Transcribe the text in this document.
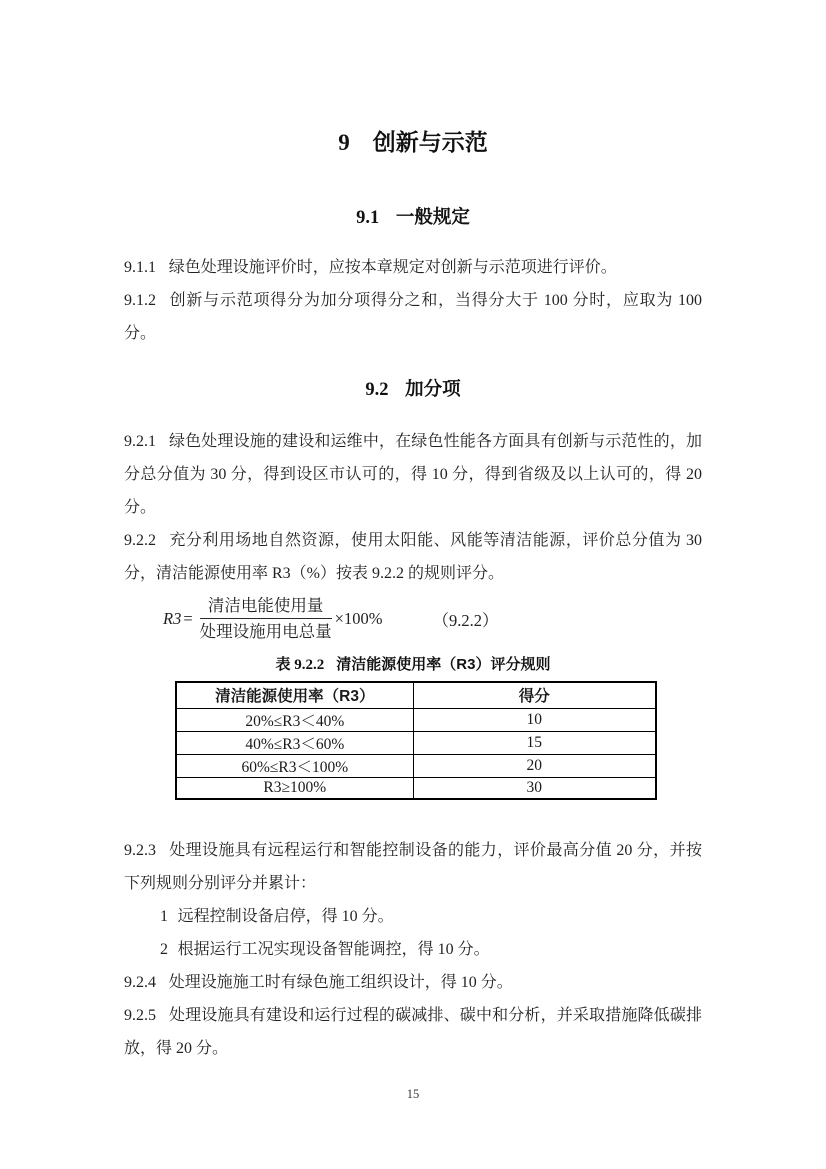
9 创新与示范
9.1 一般规定

9.1.1 绿色处理设施评价时，应按本章规定对创新与示范项进行评价。

9.1.2 创新与示范项得分为加分项得分之和，当得分大于 100 分时，应取为 100 分。

9.2 加分项

9.2.1 绿色处理设施的建设和运维中，在绿色性能各方面具有创新与示范性的，加分总分值为 30 分，得到设区市认可的，得 10 分，得到省级及以上认可的，得 20 分。

9.2.2 充分利用场地自然资源，使用太阳能、风能等清洁能源，评价总分值为 30 分，清洁能源使用率 R3（%）按表 9.2.2 的规则评分。

$R3 = \frac{\text{清洁电能使用量}}{\text{处理设施用电总量}} \times 100\%$	（9.2.2）
表 9.2.2 清洁能源使用率（R3）评分规则
清洁能源使用率（R3）	得分
20%≤R3＜40%	10
40%≤R3＜60%	15
60%≤R3＜100%	20
R3≥100%	30

9.2.3 处理设施具有远程运行和智能控制设备的能力，评价最高分值 20 分，并按下列规则分别评分并累计：

1 远程控制设备启停，得 10 分。

2 根据运行工况实现设备智能调控，得 10 分。

9.2.4 处理设施施工时有绿色施工组织设计，得 10 分。

9.2.5 处理设施具有建设和运行过程的碳减排、碳中和分析，并采取措施降低碳排放，得 20 分。

15
